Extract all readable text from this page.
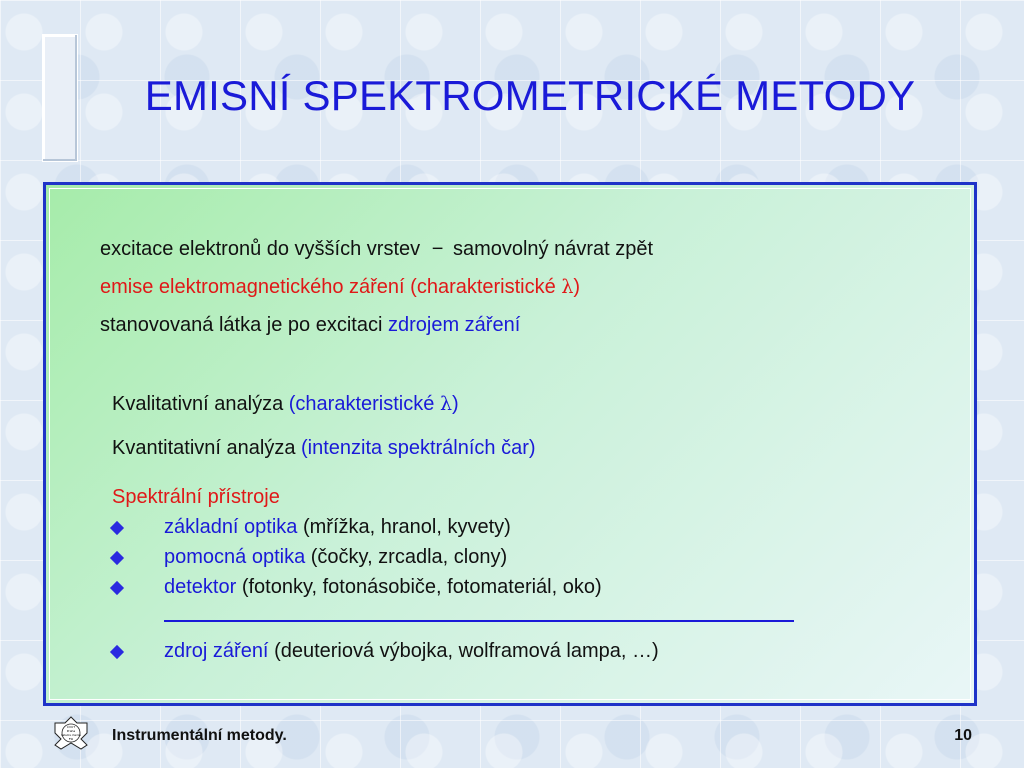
EMISNÍ SPEKTROMETRICKÉ METODY
excitace elektronů do vyšších vrstev − samovolný návrat zpět
emise elektromagnetického záření (charakteristické λ)
stanovovaná látka je po excitaci zdrojem záření
Kvalitativní analýza (charakteristické λ)
Kvantitativní analýza (intenzita spektrálních čar)
Spektrální přístroje
základní optika (mřížka, hranol, kyvety)
pomocná optika (čočky, zrcadla, clony)
detektor (fotonky, fotonásobiče, fotomateriál, oko)
zdroj záření (deuteriová výbojka, wolframová lampa, …)
ČVUT
Praha
Katedra chemie
FSI Instrumentální metody.	10
